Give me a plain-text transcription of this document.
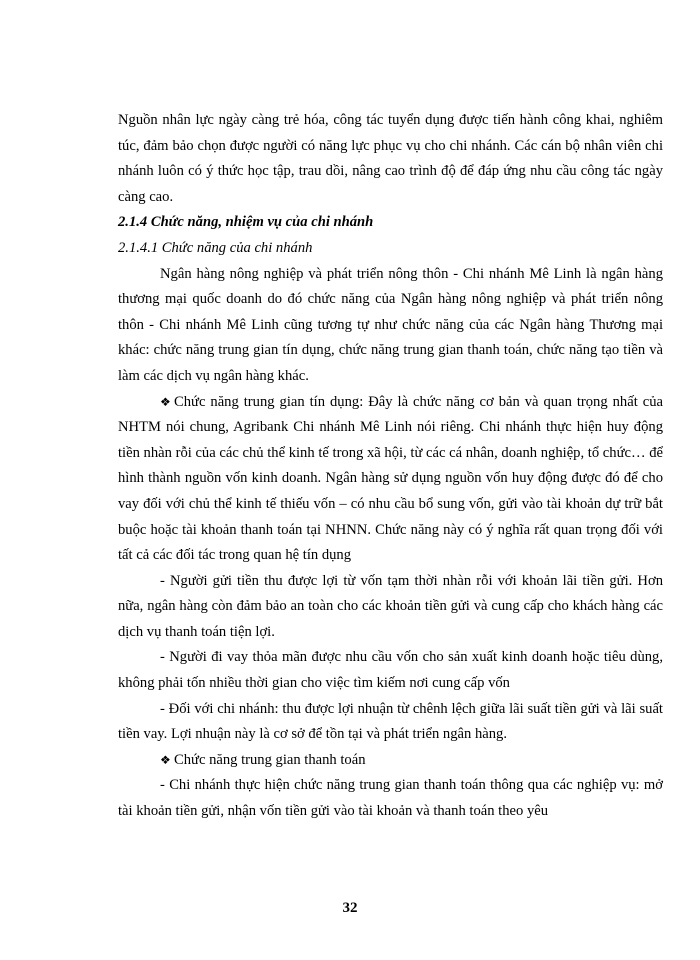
Nguồn nhân lực ngày càng trẻ hóa, công tác tuyển dụng được tiến hành công khai, nghiêm túc, đảm bảo chọn được người có năng lực phục vụ cho chi nhánh. Các cán bộ nhân viên chi nhánh luôn có ý thức học tập, trau dồi, nâng cao trình độ để đáp ứng nhu cầu công tác ngày càng cao.

2.1.4 Chức năng, nhiệm vụ của chi nhánh

2.1.4.1 Chức năng của chi nhánh

Ngân hàng nông nghiệp và phát triển nông thôn - Chi nhánh Mê Linh là ngân hàng thương mại quốc doanh do đó chức năng của Ngân hàng nông nghiệp và phát triển nông thôn - Chi nhánh Mê Linh cũng tương tự như chức năng của các Ngân hàng Thương mại khác: chức năng trung gian tín dụng, chức năng trung gian thanh toán, chức năng tạo tiền và làm các dịch vụ ngân hàng khác.

❖ Chức năng trung gian tín dụng: Đây là chức năng cơ bản và quan trọng nhất của NHTM nói chung, Agribank Chi nhánh Mê Linh nói riêng. Chi nhánh thực hiện huy động tiền nhàn rỗi của các chủ thể kinh tế trong xã hội, từ các cá nhân, doanh nghiệp, tổ chức… để hình thành nguồn vốn kinh doanh. Ngân hàng sử dụng nguồn vốn huy động được đó để cho vay đối với chủ thể kinh tế thiếu vốn – có nhu cầu bổ sung vốn, gửi vào tài khoản dự trữ bắt buộc hoặc tài khoản thanh toán tại NHNN. Chức năng này có ý nghĩa rất quan trọng đối với tất cả các đối tác trong quan hệ tín dụng

- Người gửi tiền thu được lợi từ vốn tạm thời nhàn rỗi với khoản lãi tiền gửi. Hơn nữa, ngân hàng còn đảm bảo an toàn cho các khoản tiền gửi và cung cấp cho khách hàng các dịch vụ thanh toán tiện lợi.

- Người đi vay thỏa mãn được nhu cầu vốn cho sản xuất kinh doanh hoặc tiêu dùng, không phải tốn nhiều thời gian cho việc tìm kiếm nơi cung cấp vốn

- Đối với chi nhánh: thu được lợi nhuận từ chênh lệch giữa lãi suất tiền gửi và lãi suất tiền vay. Lợi nhuận này là cơ sở để tồn tại và phát triển ngân hàng.

❖ Chức năng trung gian thanh toán

- Chi nhánh thực hiện chức năng trung gian thanh toán thông qua các nghiệp vụ: mở tài khoản tiền gửi, nhận vốn tiền gửi vào tài khoản và thanh toán theo yêu

32
